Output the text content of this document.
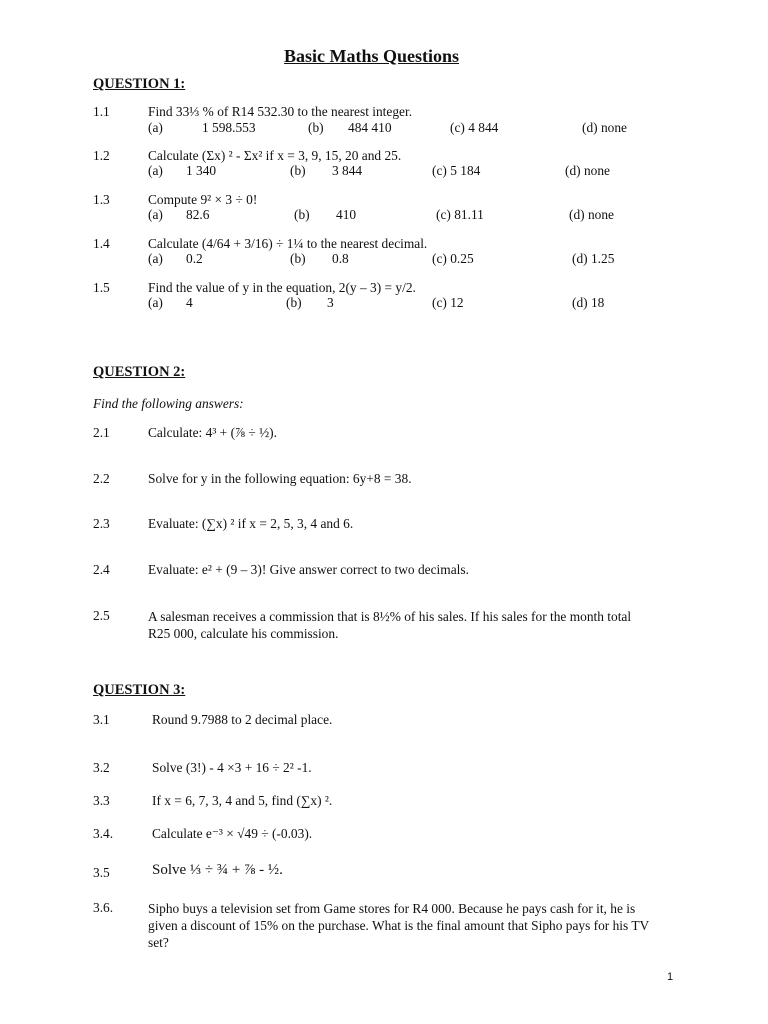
Basic Maths Questions
QUESTION 1:
1.1	Find 33⅓ % of R14 532.30 to the nearest integer.
(a)	1 598.553	(b) 484 410	(c) 4 844	(d) none
1.2	Calculate (Σx) ² - Σx² if x = 3, 9, 15, 20 and 25.
(a) 1 340	(b) 3 844	(c) 5 184	(d) none
1.3	Compute 9² × 3 ÷ 0!
(a) 82.6	(b) 410	(c) 81.11	(d) none
1.4	Calculate (4/64 + 3/16) ÷ 1¼ to the nearest decimal.
(a) 0.2	(b) 0.8	(c) 0.25	(d) 1.25
1.5	Find the value of y in the equation, 2(y – 3) = y/2.
(a) 4	(b) 3	(c) 12	(d) 18
QUESTION 2:
Find the following answers:
2.1	Calculate: 4³ + (⅞ ÷ ½).
2.2	Solve for y in the following equation: 6y+8 = 38.
2.3	Evaluate: (∑x) ² if x = 2, 5, 3, 4 and 6.
2.4	Evaluate: e² + (9 – 3)! Give answer correct to two decimals.
2.5	A salesman receives a commission that is 8½% of his sales. If his sales for the month total R25 000, calculate his commission.
QUESTION 3:
3.1	Round 9.7988 to 2 decimal place.
3.2	Solve (3!) - 4 ×3 + 16 ÷ 2² -1.
3.3	If x = 6, 7, 3, 4 and 5, find (∑x) ².
3.4.	Calculate e⁻³ × √49 ÷ (-0.03).
3.5	Solve ⅓ ÷ ¾ + ⅞ - ½.
3.6.	Sipho buys a television set from Game stores for R4 000. Because he pays cash for it, he is given a discount of 15% on the purchase. What is the final amount that Sipho pays for his TV set?
1
